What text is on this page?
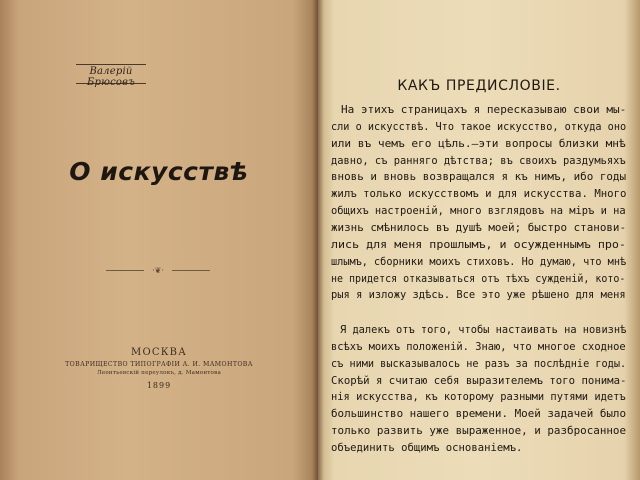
Валерій Брюсовъ
О искусствѣ
·❦·
МОСКВА
ТОВАРИЩЕСТВО ТИПОГРАФІИ А. И. МАМОНТОВА
Леонтьевскій переулокъ, д. Мамонтова
1899
КАКЪ ПРЕДИСЛОВІЕ.
На этихъ страницахъ я пересказываю свои мы-
сли о искусствѣ. Что такое искусство, откуда оно
или въ чемъ его цѣль.—эти вопросы близки мнѣ
давно, съ ранняго дѣтства; въ своихъ раздумьяхъ
вновь и вновь возвращался я къ нимъ, ибо годы
жилъ только искусствомъ и для искусства. Много
общихъ настроеній, много взглядовъ на міръ и на
жизнь смѣнилось въ душѣ моей; быстро станови-
лись для меня прошлымъ, и осужденнымъ про-
шлымъ, сборники моихъ стиховъ. Но думаю, что мнѣ
не придется отказываться отъ тѣхъ сужденій, кото-
рыя я изложу здѣсь. Все это уже рѣшено для меня
Я далекъ отъ того, чтобы настаивать на новизнѣ
всѣхъ моихъ положеній. Знаю, что многое сходное
съ ними высказывалось не разъ за послѣдніе годы.
Скорѣй я считаю себя выразителемъ того понима-
нія искусства, къ которому разными путями идетъ
большинство нашего времени. Моей задачей было
только развить уже выраженное, и разбросанное
объединить общимъ основаніемъ.
